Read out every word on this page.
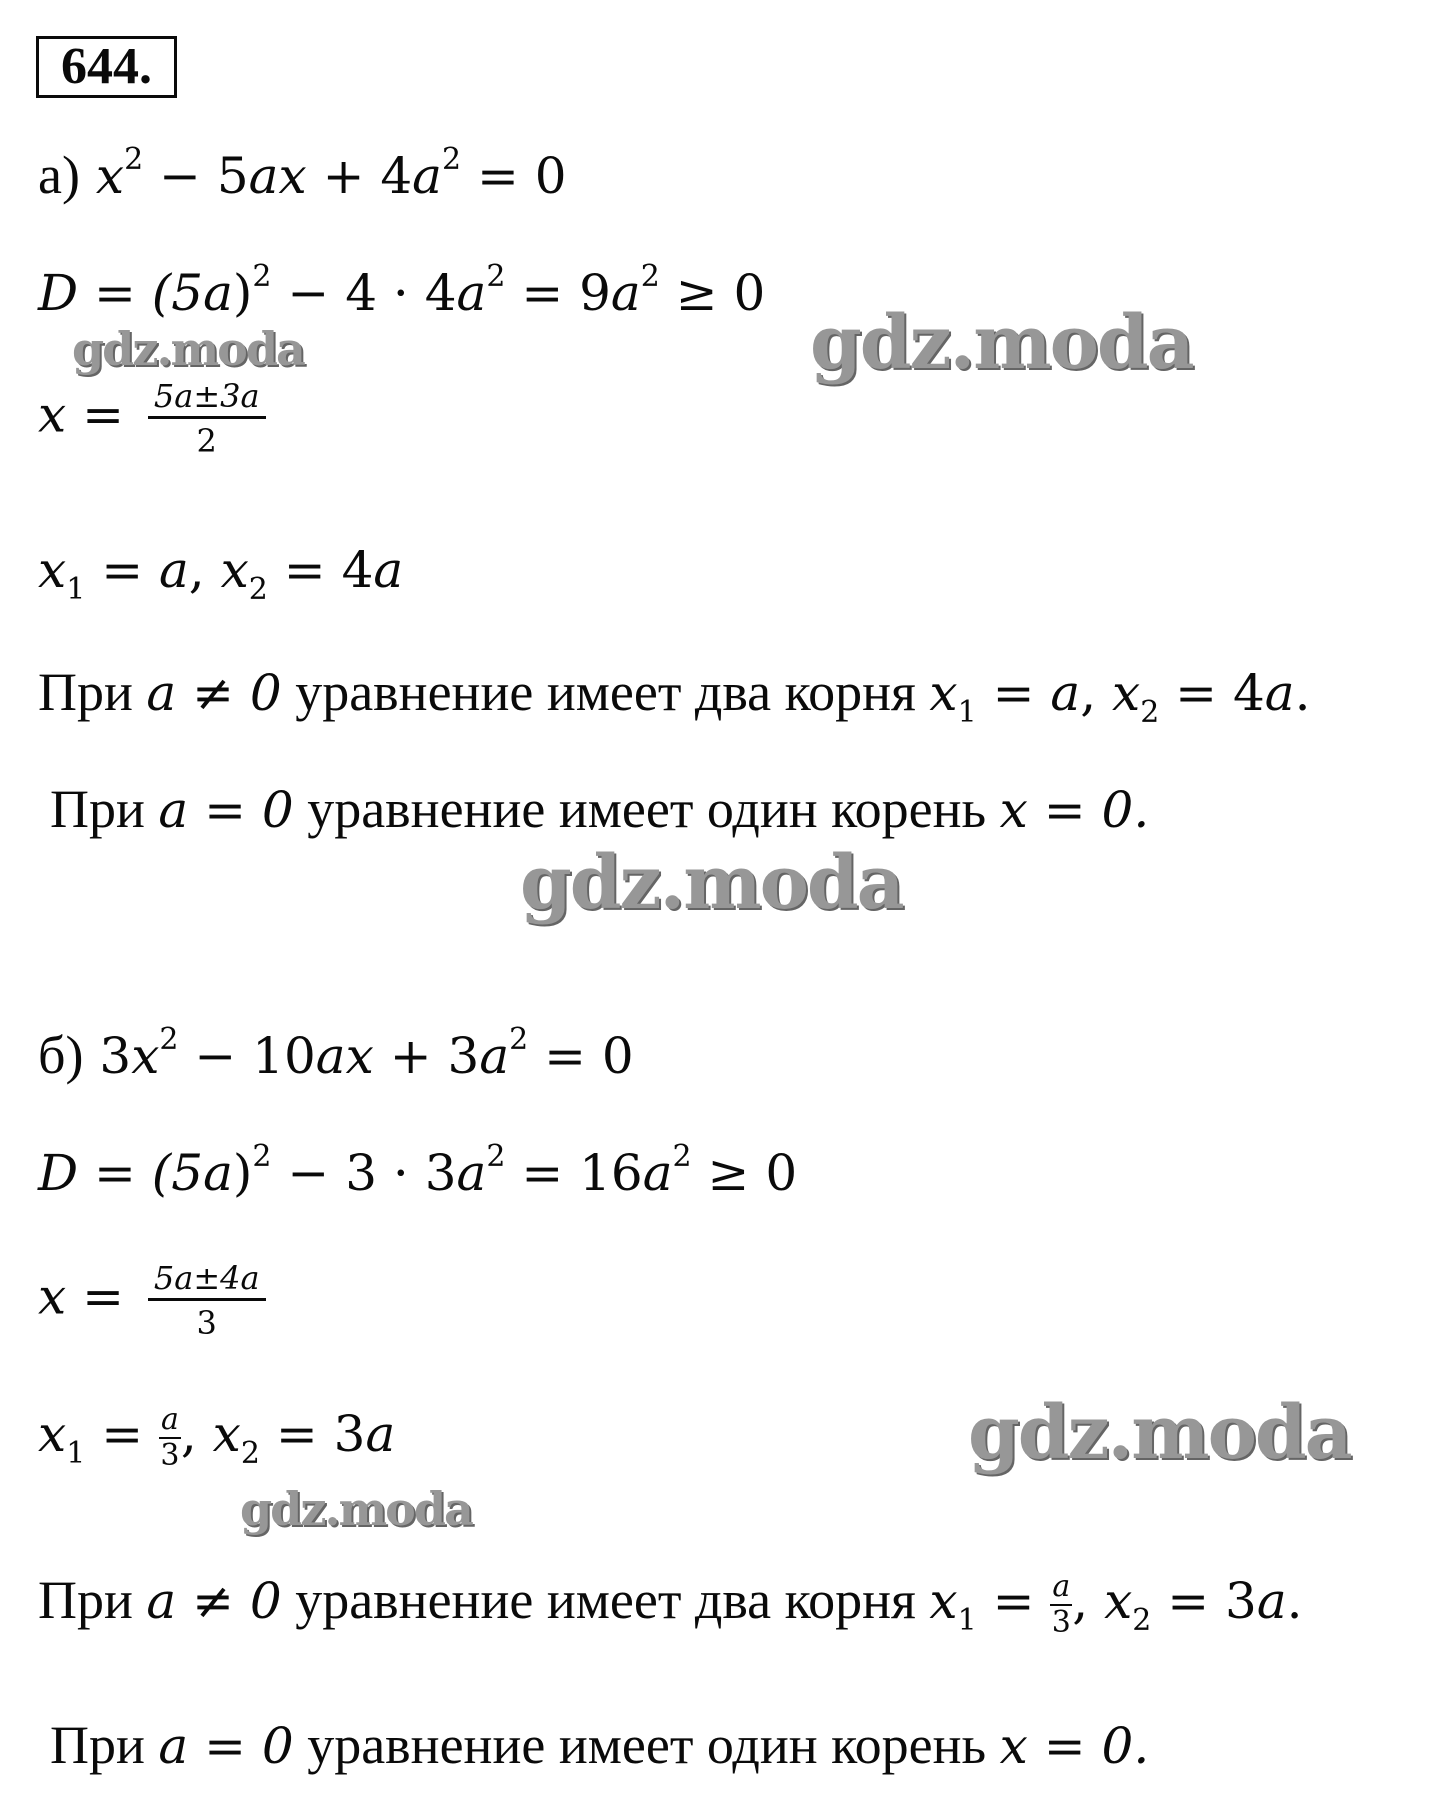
644.
а) $x^2 - 5ax + 4a^2 = 0$
$D = (5a)^2 - 4 \cdot 4a^2 = 9a^2 \ge 0$
$x = \frac{5a\pm 3a}{2}$
$x_1 = a$, $x_2 = 4a$
При a ≠ 0 уравнение имеет два корня $x_1 = a$, $x_2 = 4a$.
При a = 0 уравнение имеет один корень x = 0.
б) $3x^2 - 10ax + 3a^2 = 0$
$D = (5a)^2 - 3 \cdot 3a^2 = 16a^2 \ge 0$
$x = \frac{5a\pm 4a}{3}$
$x_1 = \frac{a}{3}$ , $x_2 = 3a$
При a ≠ 0 уравнение имеет два корня $x_1 = \frac{a}{3}$ , $x_2 = 3a$.
При a = 0 уравнение имеет один корень x = 0.
gdz.moda	gdz.moda
gdz.moda
gdz.moda
gdz.moda
